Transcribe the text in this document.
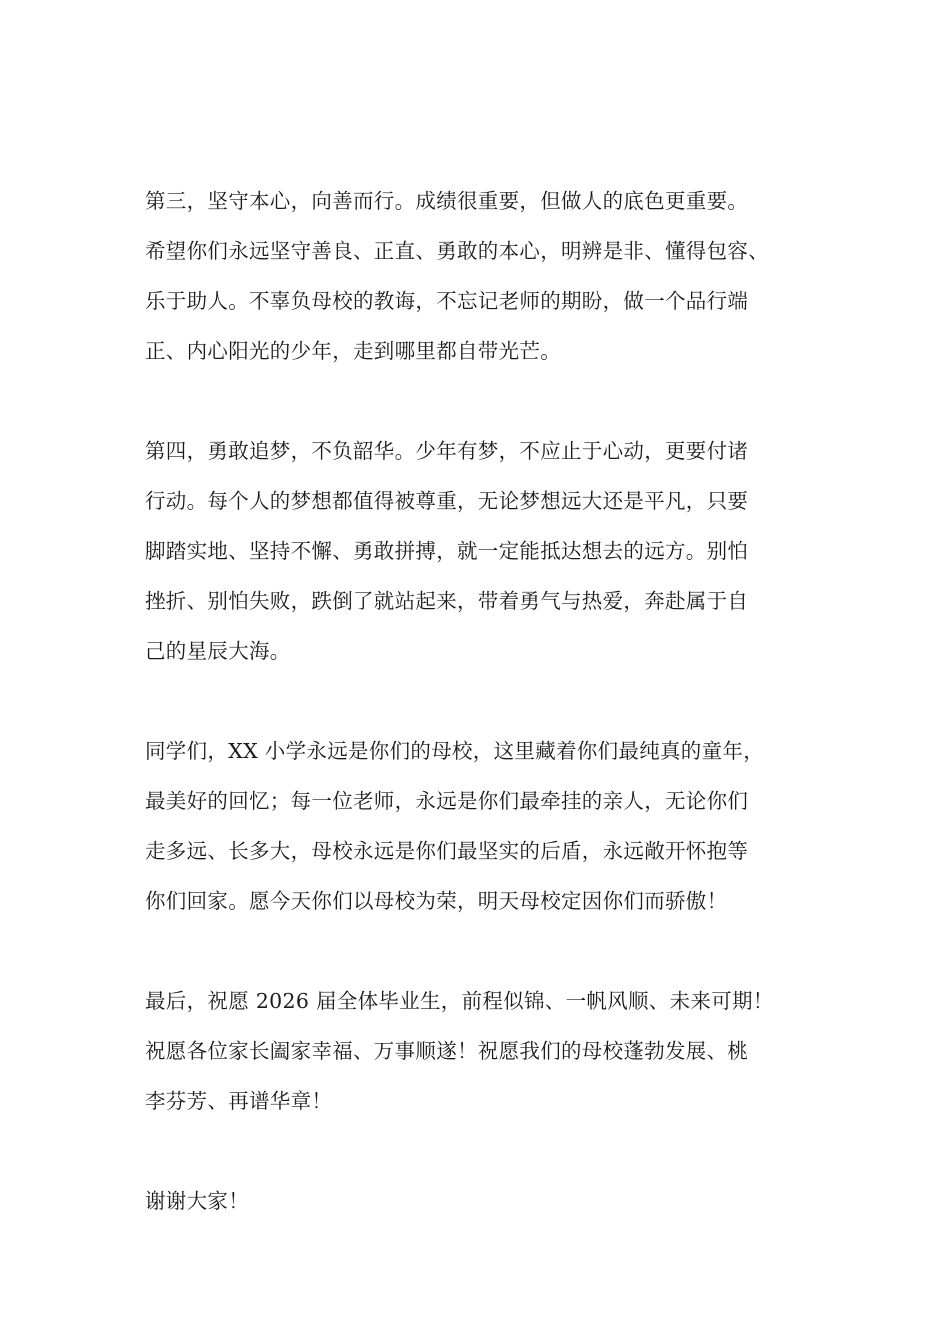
第三，坚守本心，向善而行。成绩很重要，但做人的底色更重要。
希望你们永远坚守善良、正直、勇敢的本心，明辨是非、懂得包容、
乐于助人。不辜负母校的教诲，不忘记老师的期盼，做一个品行端
正、内心阳光的少年，走到哪里都自带光芒。

第四，勇敢追梦，不负韶华。少年有梦，不应止于心动，更要付诸
行动。每个人的梦想都值得被尊重，无论梦想远大还是平凡，只要
脚踏实地、坚持不懈、勇敢拼搏，就一定能抵达想去的远方。别怕
挫折、别怕失败，跌倒了就站起来，带着勇气与热爱，奔赴属于自
己的星辰大海。

同学们，XX 小学永远是你们的母校，这里藏着你们最纯真的童年，
最美好的回忆；每一位老师，永远是你们最牵挂的亲人，无论你们
走多远、长多大，母校永远是你们最坚实的后盾，永远敞开怀抱等
你们回家。愿今天你们以母校为荣，明天母校定因你们而骄傲！

最后，祝愿 2026 届全体毕业生，前程似锦、一帆风顺、未来可期！
祝愿各位家长阖家幸福、万事顺遂！祝愿我们的母校蓬勃发展、桃
李芬芳、再谱华章！

谢谢大家！
